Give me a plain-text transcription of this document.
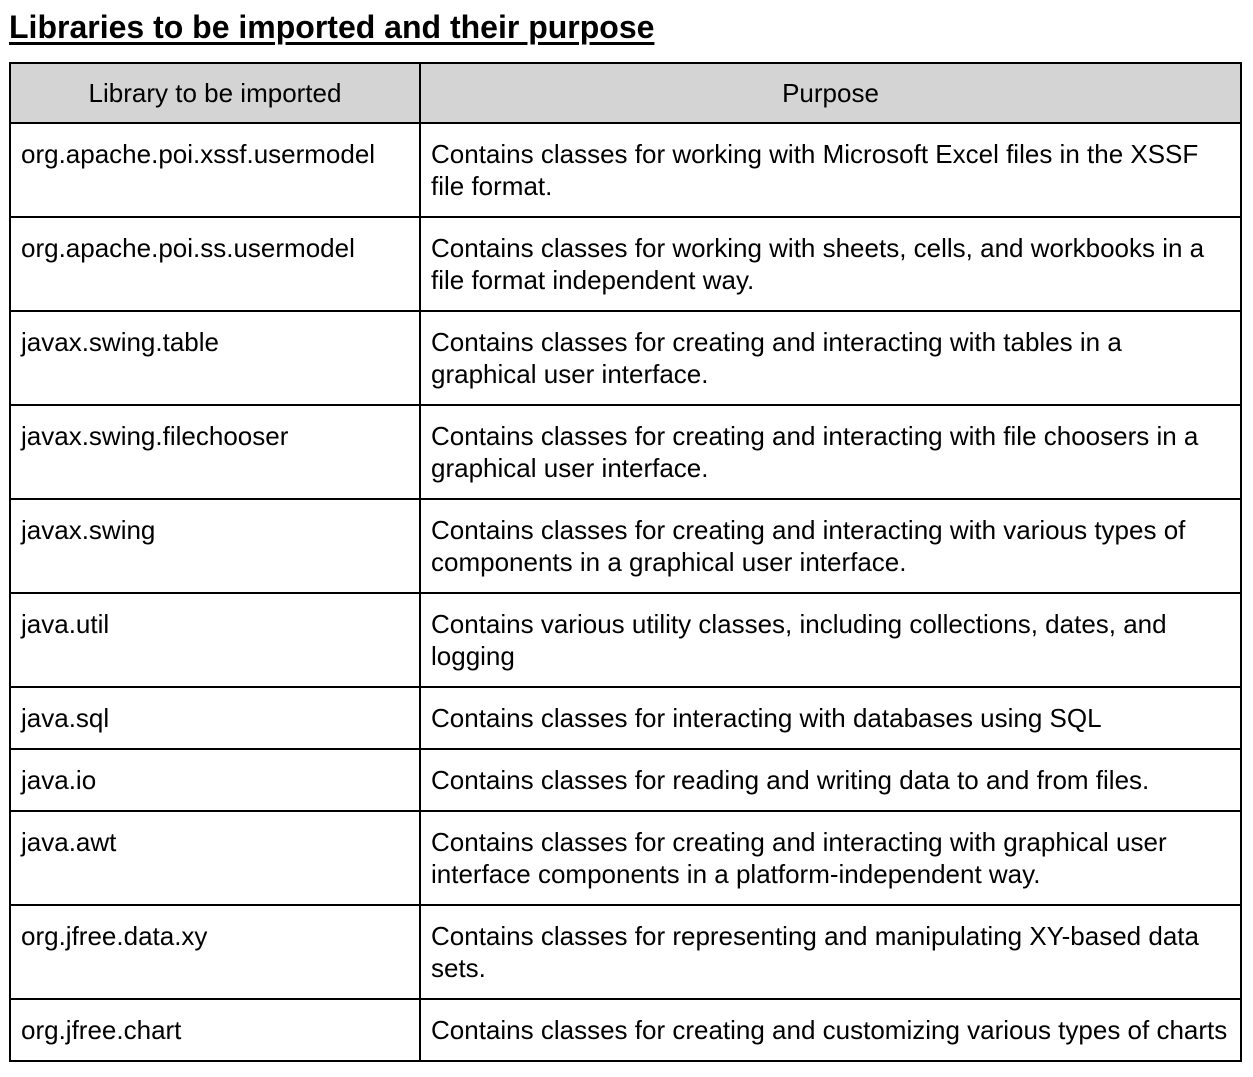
Libraries to be imported and their purpose
Library to be imported	Purpose
org.apache.poi.xssf.usermodel	Contains classes for working with Microsoft Excel files in the XSSF file format.
org.apache.poi.ss.usermodel	Contains classes for working with sheets, cells, and workbooks in a file format independent way.
javax.swing.table	Contains classes for creating and interacting with tables in a graphical user interface.
javax.swing.filechooser	Contains classes for creating and interacting with file choosers in a graphical user interface.
javax.swing	Contains classes for creating and interacting with various types of components in a graphical user interface.
java.util	Contains various utility classes, including collections, dates, and logging
java.sql	Contains classes for interacting with databases using SQL
java.io	Contains classes for reading and writing data to and from files.
java.awt	Contains classes for creating and interacting with graphical user interface components in a platform-independent way.
org.jfree.data.xy	Contains classes for representing and manipulating XY-based data sets.
org.jfree.chart	Contains classes for creating and customizing various types of charts
